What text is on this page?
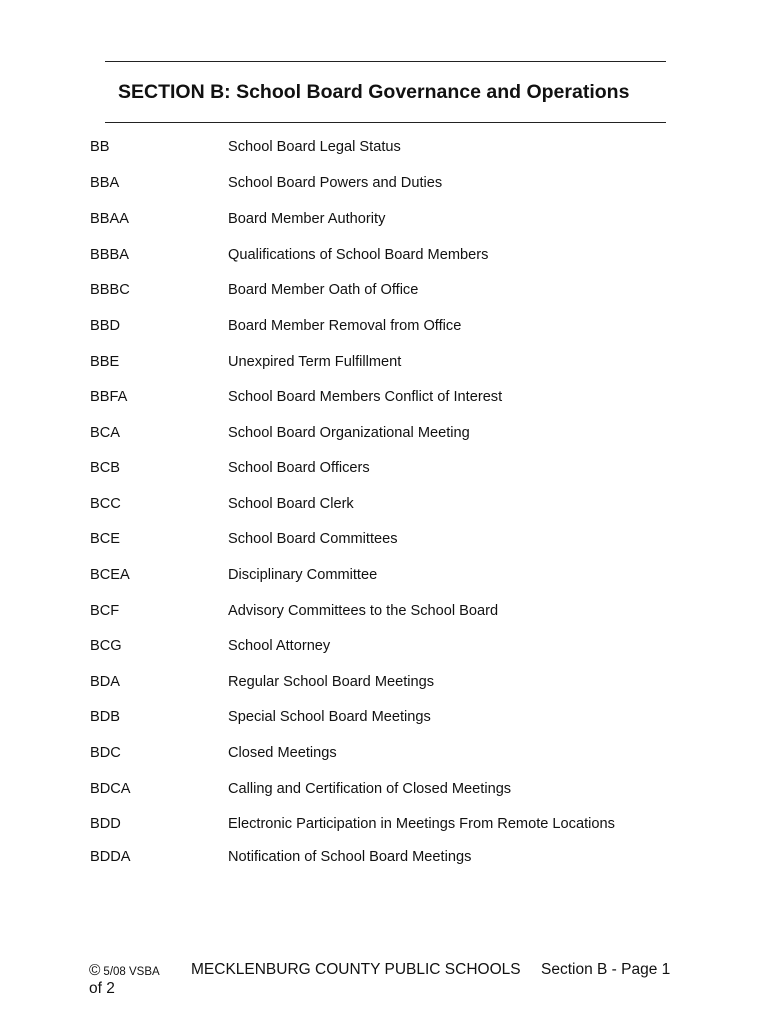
SECTION B: School Board Governance and Operations
BB	School Board Legal Status
BBA	School Board Powers and Duties
BBAA	Board Member Authority
BBBA	Qualifications of School Board Members
BBBC	Board Member Oath of Office
BBD	Board Member Removal from Office
BBE	Unexpired Term Fulfillment
BBFA	School Board Members Conflict of Interest
BCA	School Board Organizational Meeting
BCB	School Board Officers
BCC	School Board Clerk
BCE	School Board Committees
BCEA	Disciplinary Committee
BCF	Advisory Committees to the School Board
BCG	School Attorney
BDA	Regular School Board Meetings
BDB	Special School Board Meetings
BDC	Closed Meetings
BDCA	Calling and Certification of Closed Meetings
BDD	Electronic Participation in Meetings From Remote Locations
BDDA	Notification of School Board Meetings
© 5/08 VSBA MECKLENBURG COUNTY PUBLIC SCHOOLS Section B - Page 1
of 2
